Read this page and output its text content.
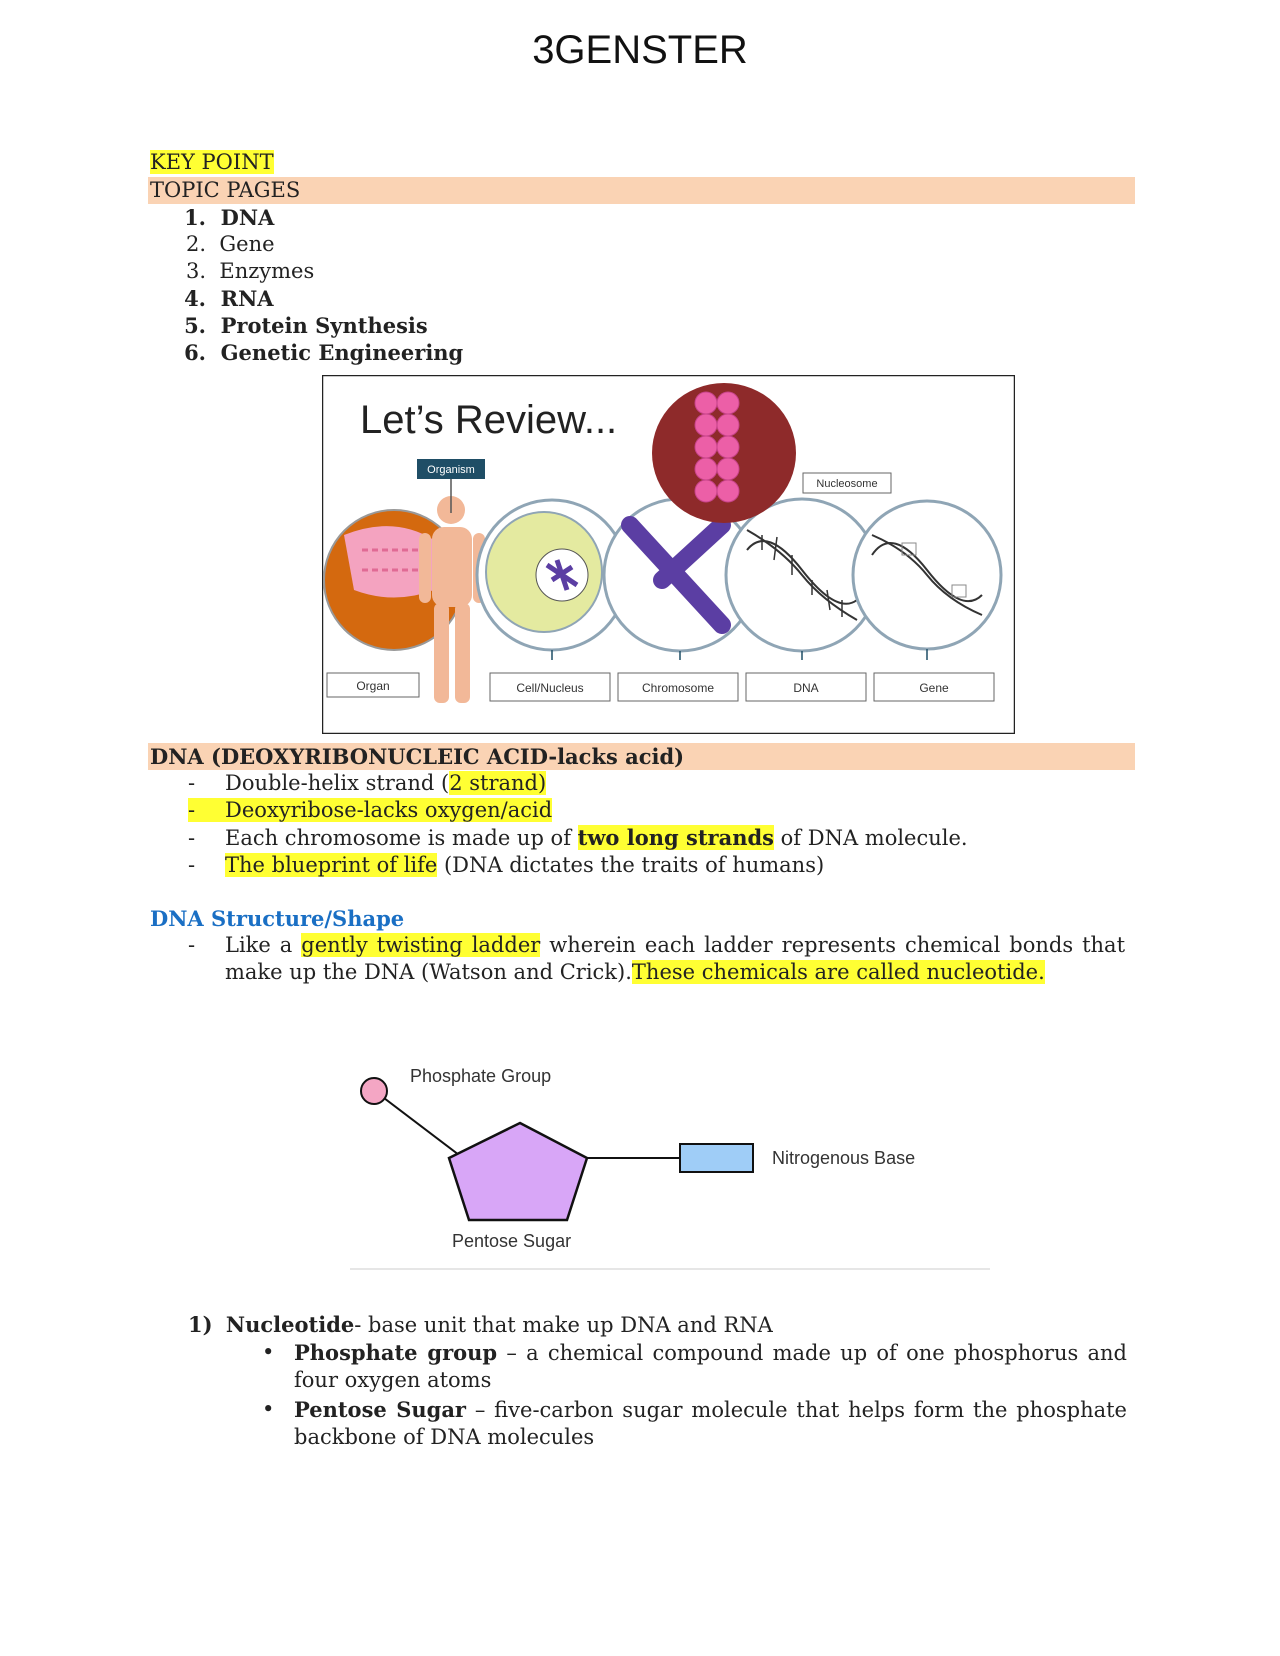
3GENSTER
KEY POINT
TOPIC PAGES
1. DNA
2. Gene
3. Enzymes
4. RNA
5. Protein Synthesis
6. Genetic Engineering
Let’s Review...
Organism
Nucleosome
Organ	Cell/Nucleus	Chromosome	DNA	Gene
DNA (DEOXYRIBONUCLEIC ACID-lacks acid)
- Double-helix strand (2 strand)
- Deoxyribose-lacks oxygen/acid
- Each chromosome is made up of two long strands of DNA molecule.
- The blueprint of life (DNA dictates the traits of humans)
DNA Structure/Shape
- Like a gently twisting ladder wherein each ladder represents chemical bonds that make up the DNA (Watson and Crick).These chemicals are called nucleotide.
Phosphate Group
Nitrogenous Base
Pentose Sugar
1) Nucleotide- base unit that make up DNA and RNA
• Phosphate group – a chemical compound made up of one phosphorus and four oxygen atoms
• Pentose Sugar – five-carbon sugar molecule that helps form the phosphate backbone of DNA molecules
